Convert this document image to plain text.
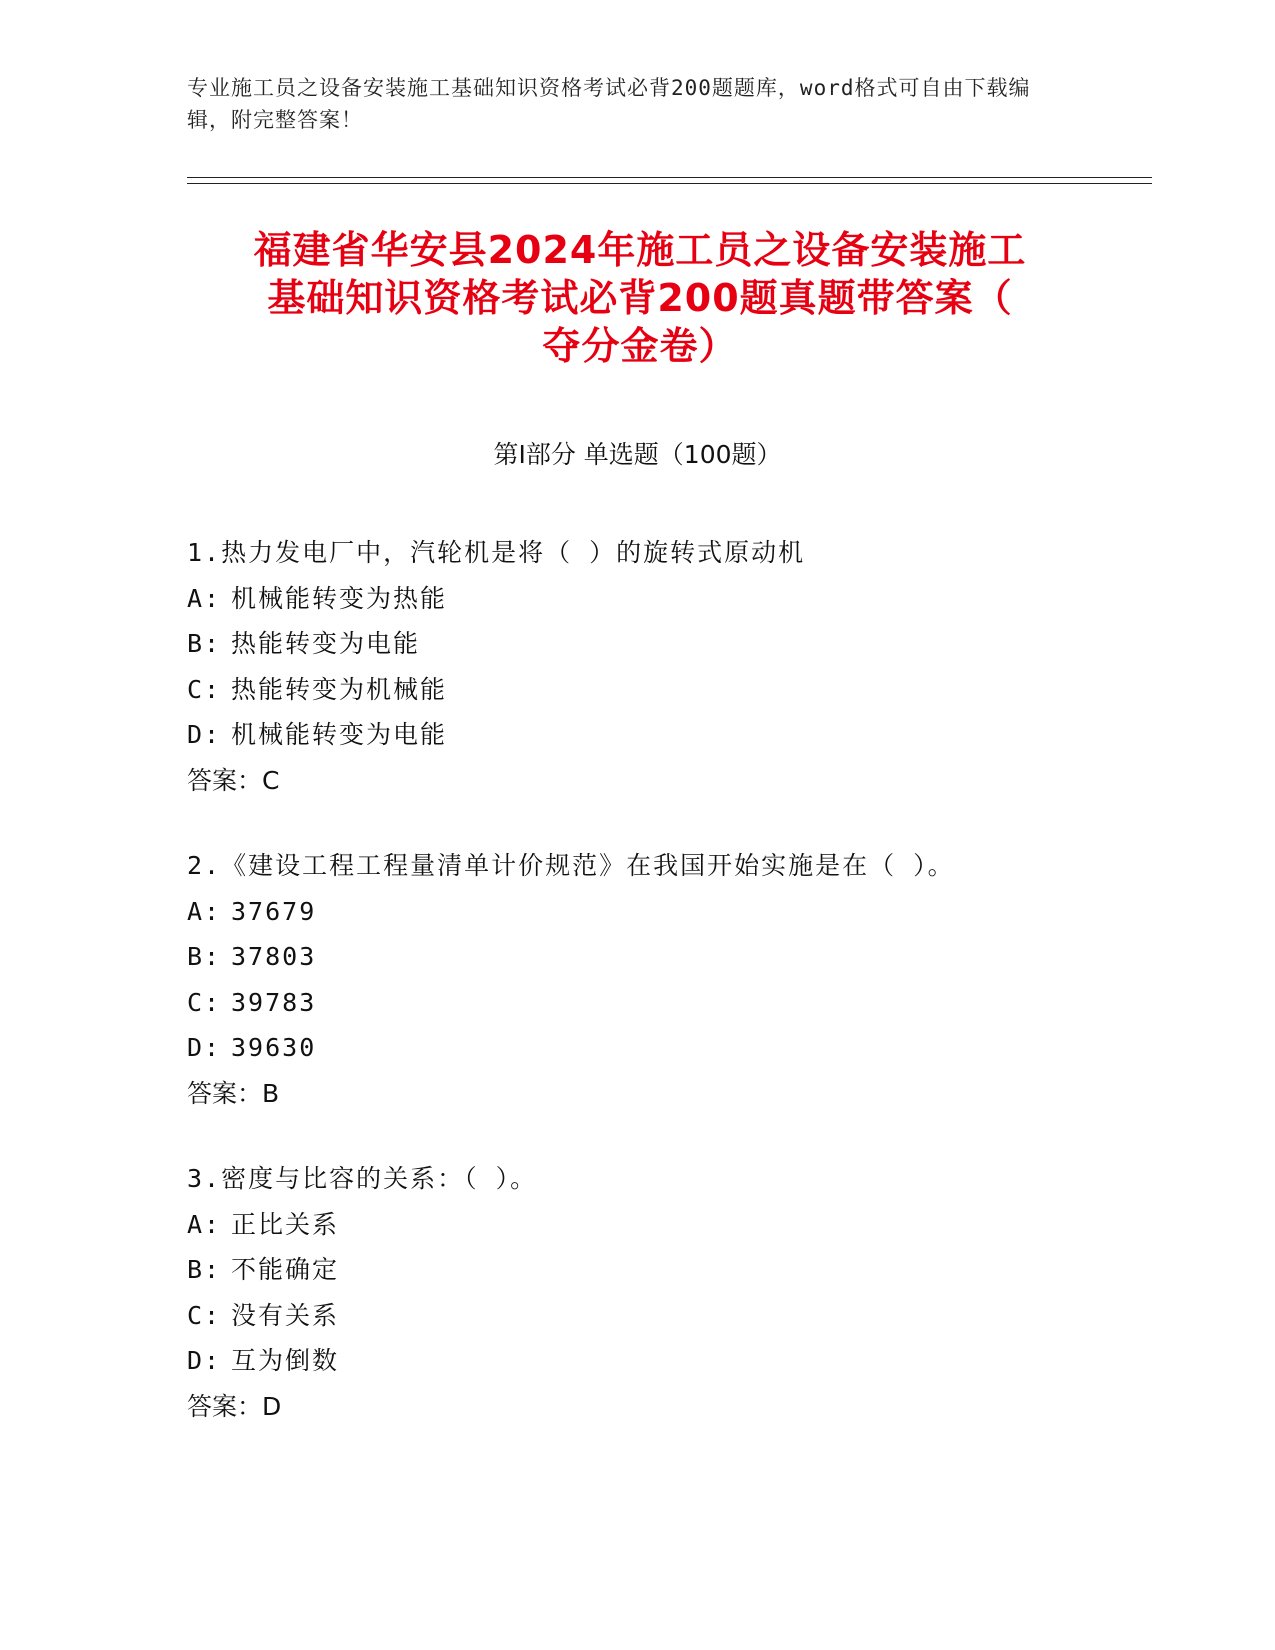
专业施工员之设备安装施工基础知识资格考试必背200题题库，word格式可自由下载编辑，附完整答案！
福建省华安县2024年施工员之设备安装施工
基础知识资格考试必背200题真题带答案（
夺分金卷）
第Ⅰ部分 单选题（100题）
1.热力发电厂中，汽轮机是将（ ）的旋转式原动机
A: 机械能转变为热能
B: 热能转变为电能
C: 热能转变为机械能
D: 机械能转变为电能
答案：C
2.《建设工程工程量清单计价规范》在我国开始实施是在（ ）。
A: 37679
B: 37803
C: 39783
D: 39630
答案：B
3.密度与比容的关系：（ ）。
A: 正比关系
B: 不能确定
C: 没有关系
D: 互为倒数
答案：D
